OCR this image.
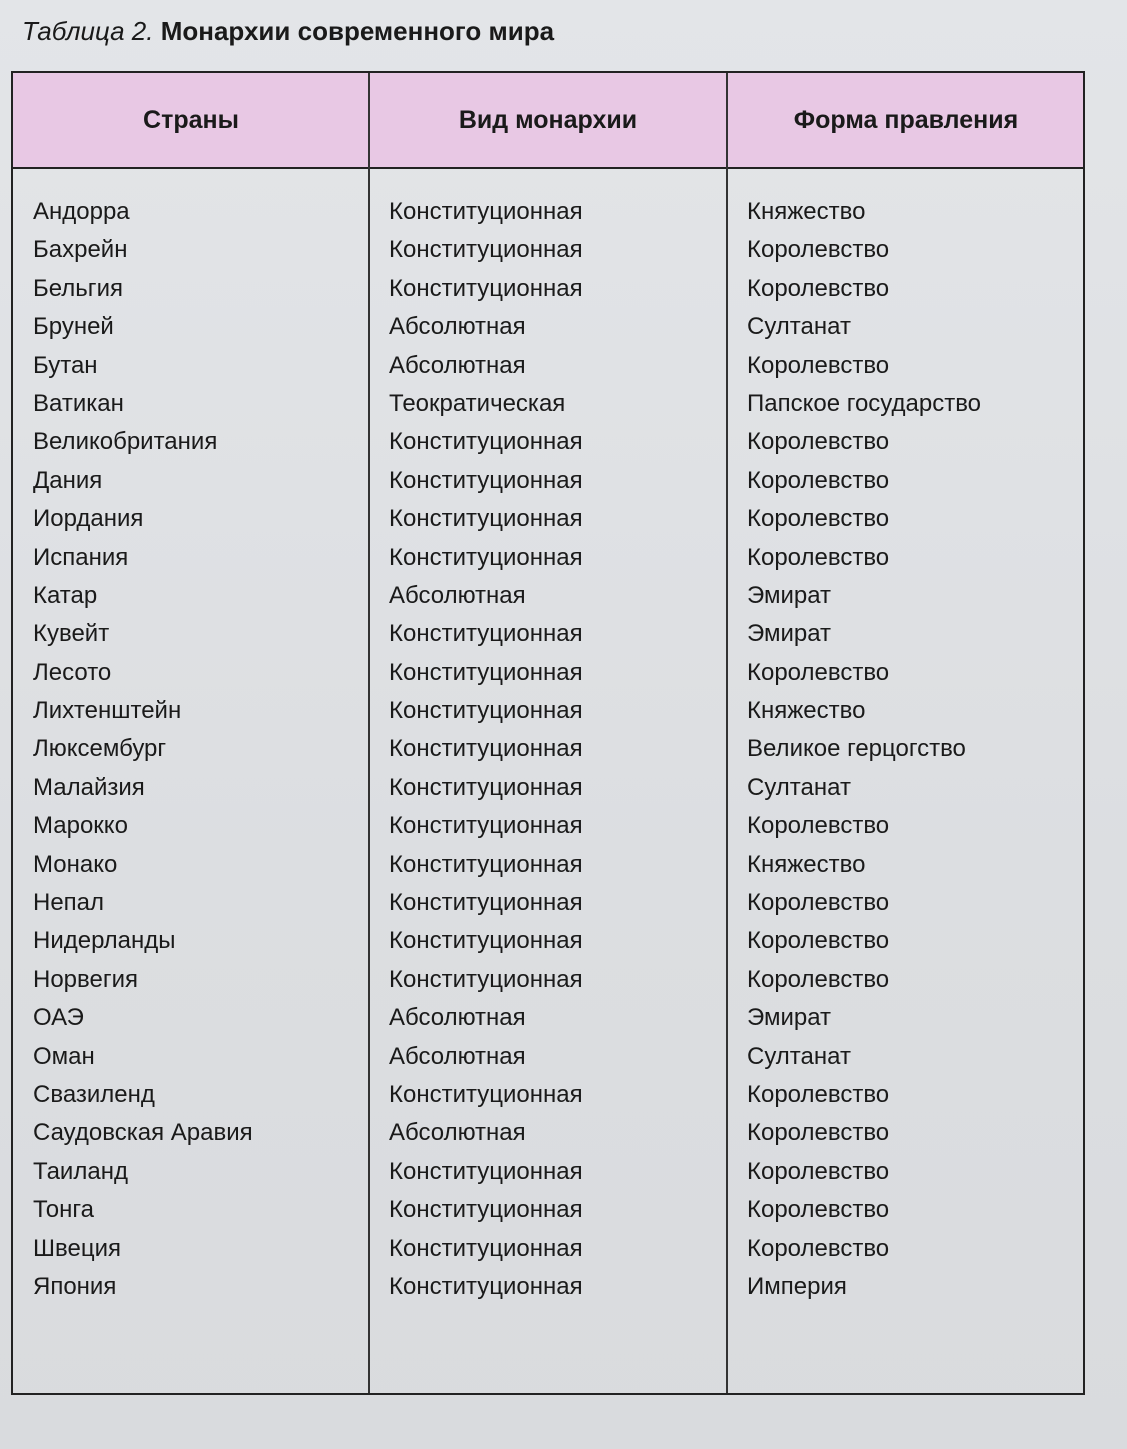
Таблица 2. Монархии современного мира
Страны	Вид монархии	Форма правления
Андорра	Конституционная	Княжество
Бахрейн	Конституционная	Королевство
Бельгия	Конституционная	Королевство
Бруней	Абсолютная	Султанат
Бутан	Абсолютная	Королевство
Ватикан	Теократическая	Папское государство
Великобритания	Конституционная	Королевство
Дания	Конституционная	Королевство
Иордания	Конституционная	Королевство
Испания	Конституционная	Королевство
Катар	Абсолютная	Эмират
Кувейт	Конституционная	Эмират
Лесото	Конституционная	Королевство
Лихтенштейн	Конституционная	Княжество
Люксембург	Конституционная	Великое герцогство
Малайзия	Конституционная	Султанат
Марокко	Конституционная	Королевство
Монако	Конституционная	Княжество
Непал	Конституционная	Королевство
Нидерланды	Конституционная	Королевство
Норвегия	Конституционная	Королевство
ОАЭ	Абсолютная	Эмират
Оман	Абсолютная	Султанат
Свазиленд	Конституционная	Королевство
Саудовская Аравия	Абсолютная	Королевство
Таиланд	Конституционная	Королевство
Тонга	Конституционная	Королевство
Швеция	Конституционная	Королевство
Япония	Конституционная	Империя
